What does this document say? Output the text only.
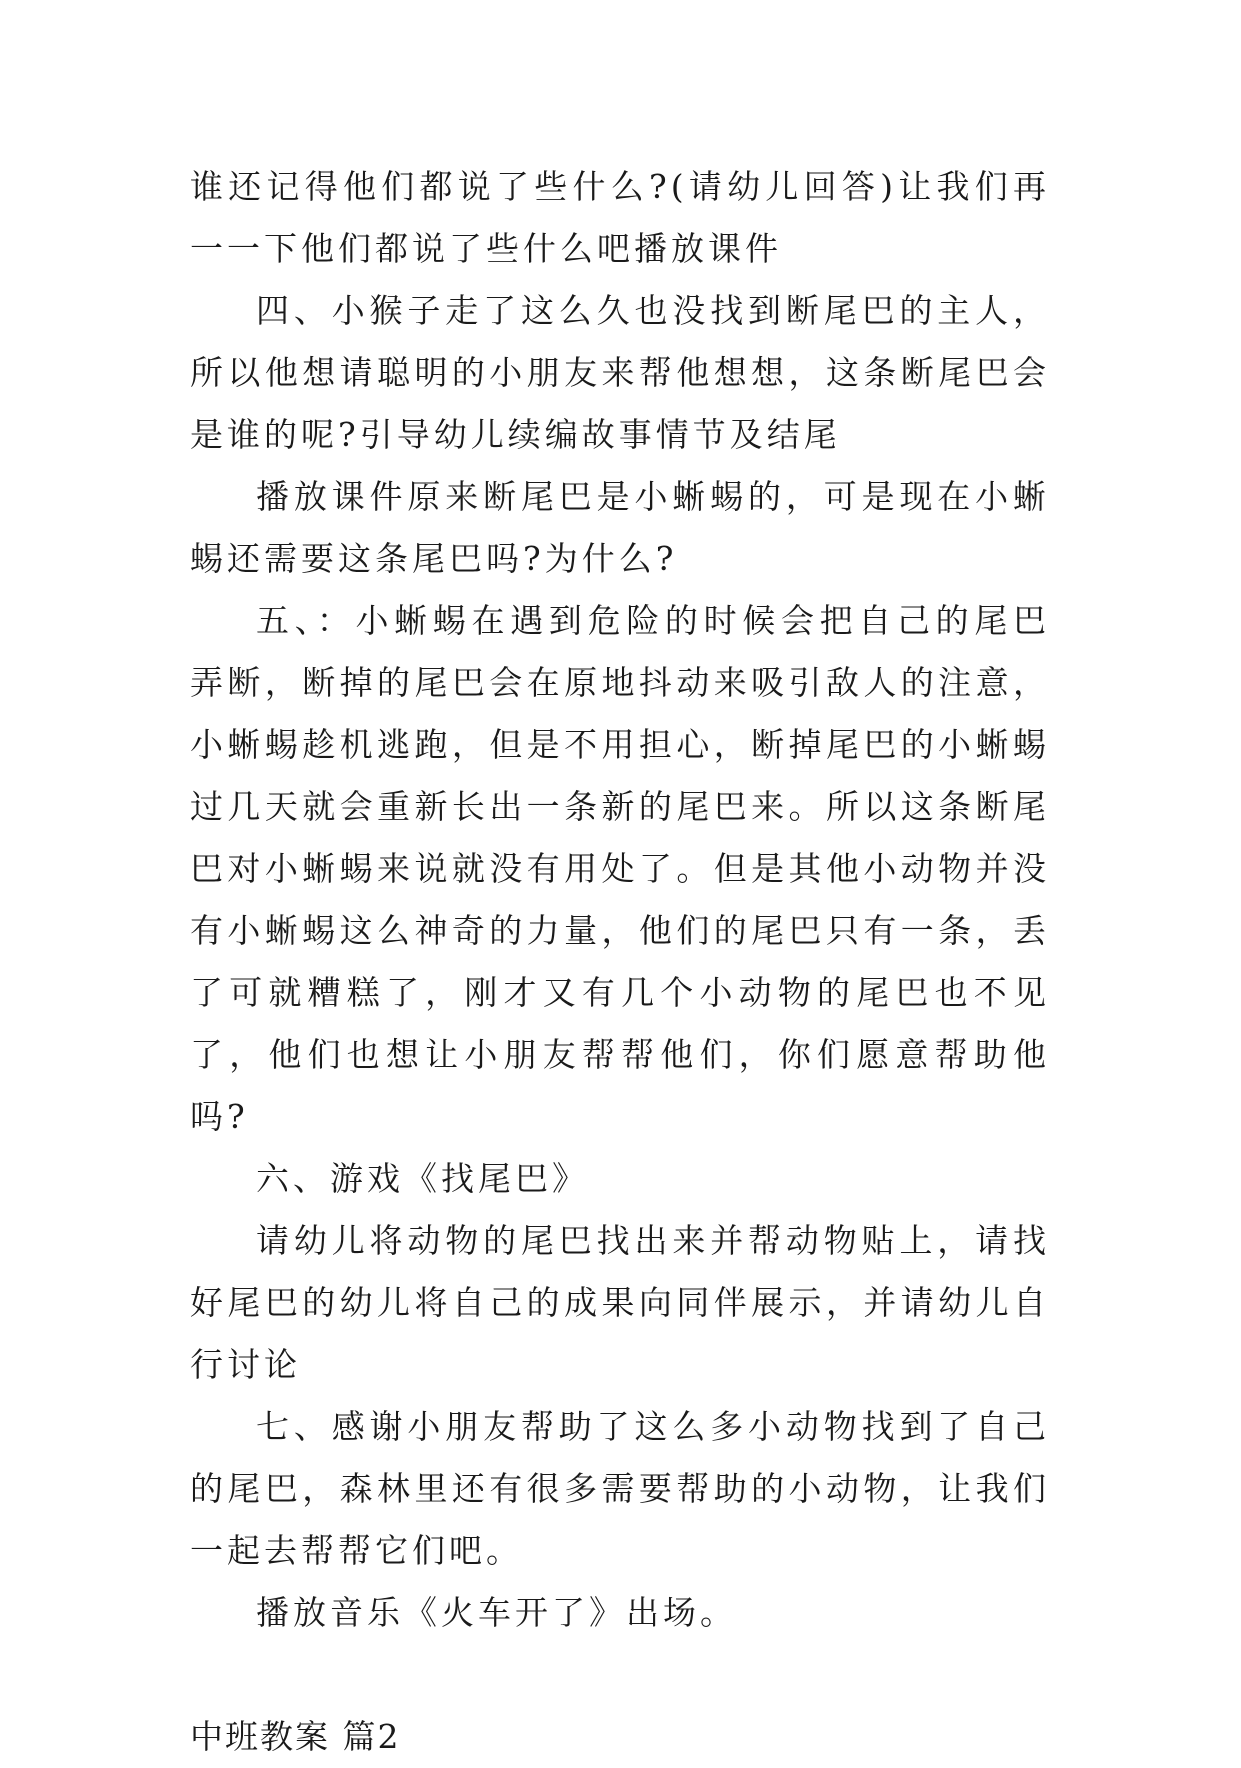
谁还记得他们都说了些什么?(请幼儿回答)让我们再一一下他们都说了些什么吧播放课件

四、小猴子走了这么久也没找到断尾巴的主人，所以他想请聪明的小朋友来帮他想想，这条断尾巴会是谁的呢?引导幼儿续编故事情节及结尾

播放课件原来断尾巴是小蜥蜴的，可是现在小蜥蜴还需要这条尾巴吗?为什么?

五、：小蜥蜴在遇到危险的时候会把自己的尾巴弄断，断掉的尾巴会在原地抖动来吸引敌人的注意，小蜥蜴趁机逃跑，但是不用担心，断掉尾巴的小蜥蜴过几天就会重新长出一条新的尾巴来。所以这条断尾巴对小蜥蜴来说就没有用处了。但是其他小动物并没有小蜥蜴这么神奇的力量，他们的尾巴只有一条，丢了可就糟糕了，刚才又有几个小动物的尾巴也不见了，他们也想让小朋友帮帮他们，你们愿意帮助他吗?

六、游戏《找尾巴》

请幼儿将动物的尾巴找出来并帮动物贴上，请找好尾巴的幼儿将自己的成果向同伴展示，并请幼儿自行讨论

七、感谢小朋友帮助了这么多小动物找到了自己的尾巴，森林里还有很多需要帮助的小动物，让我们一起去帮帮它们吧。

播放音乐《火车开了》出场。

中班教案 篇2
